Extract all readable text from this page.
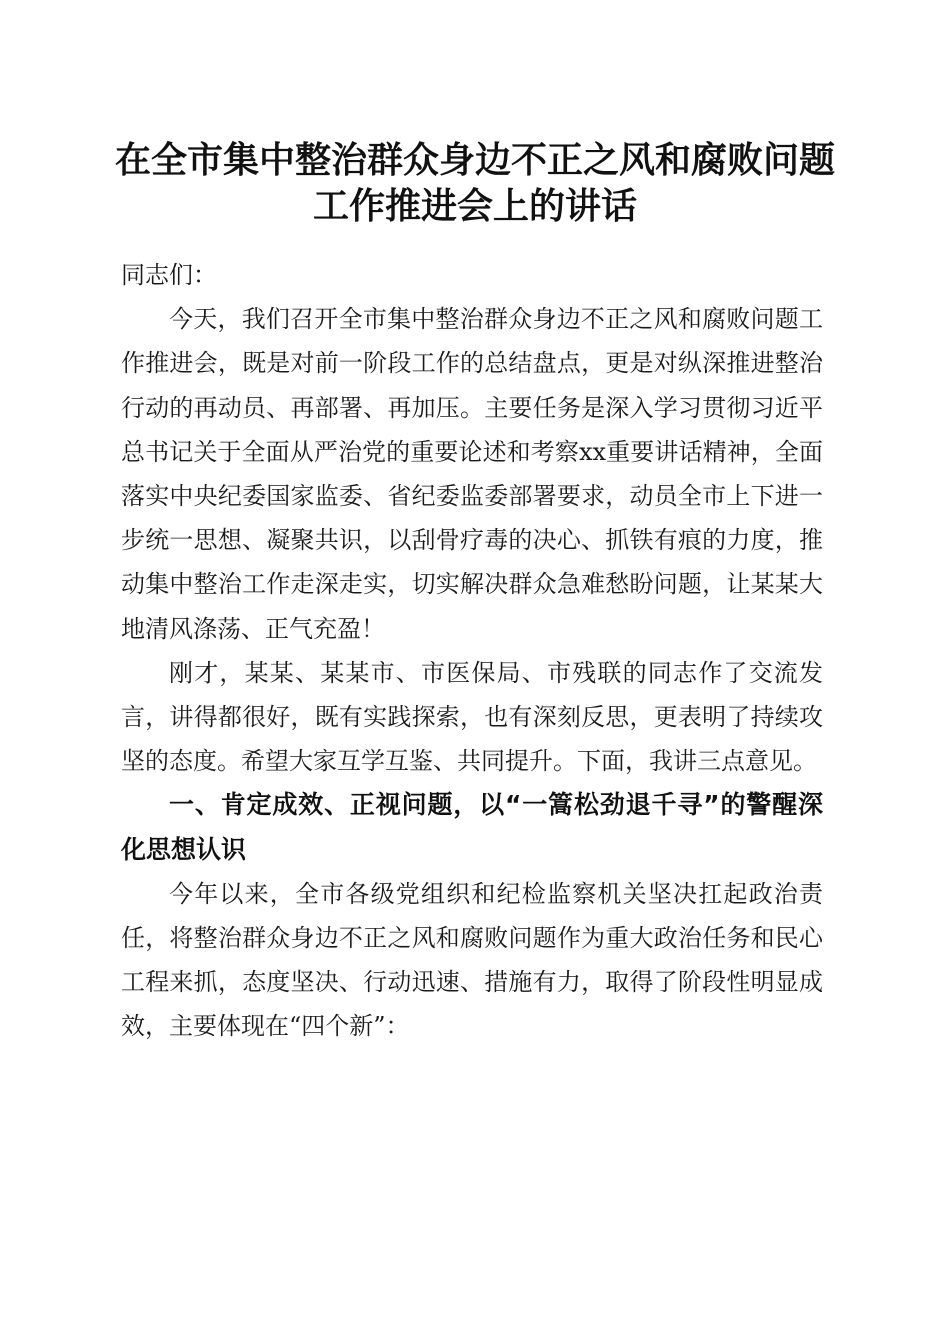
在全市集中整治群众身边不正之风和腐败问题
工作推进会上的讲话

同志们：

今天，我们召开全市集中整治群众身边不正之风和腐败问题工作推进会，既是对前一阶段工作的总结盘点，更是对纵深推进整治行动的再动员、再部署、再加压。主要任务是深入学习贯彻习近平总书记关于全面从严治党的重要论述和考察xx重要讲话精神，全面落实中央纪委国家监委、省纪委监委部署要求，动员全市上下进一步统一思想、凝聚共识，以刮骨疗毒的决心、抓铁有痕的力度，推动集中整治工作走深走实，切实解决群众急难愁盼问题，让某某大地清风涤荡、正气充盈！

刚才，某某、某某市、市医保局、市残联的同志作了交流发言，讲得都很好，既有实践探索，也有深刻反思，更表明了持续攻坚的态度。希望大家互学互鉴、共同提升。下面，我讲三点意见。

一、肯定成效、正视问题，以“一篙松劲退千寻”的警醒深化思想认识

今年以来，全市各级党组织和纪检监察机关坚决扛起政治责任，将整治群众身边不正之风和腐败问题作为重大政治任务和民心工程来抓，态度坚决、行动迅速、措施有力，取得了阶段性明显成效，主要体现在“四个新”：
